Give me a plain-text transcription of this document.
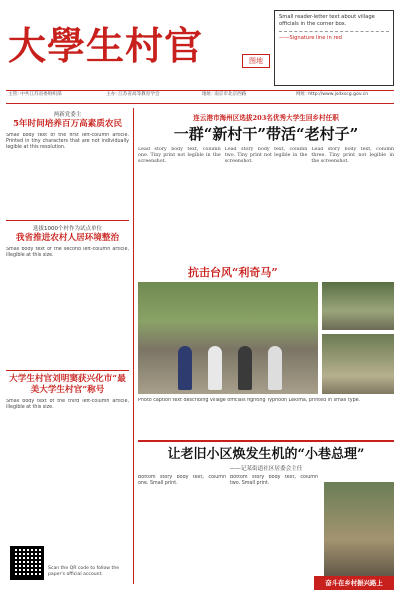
大學生村官	图地
Small reader-letter text about village officials in the corner box.
——Signature line in red
主管: 中共江苏省委组织部	主办: 江苏省高等教育学会	地址: 南京市北京西路	网址: http://www.jsdxscg.gov.cn
两新党委主
5年时间培养百万高素质农民
Small body text of the first left-column article. Printed in tiny characters that are not individually legible at this resolution.
选拔1000个村作为试点单位
我省推进农村人居环境整治
Small body text of the second left-column article, illegible at this size.
大学生村官刘明窦获兴化市“最美大学生村官”称号
Small body text of the third left-column article, illegible at this size.
Scan the QR code to follow the paper's official account.
连云港市海州区选拔203名优秀大学生回乡村任职
一群“新村干”带活“老村子”
Lead story body text, column one. Tiny print not legible in the screenshot.
Lead story body text, column two. Tiny print not legible in the screenshot.
Lead story body text, column three. Tiny print not legible in the screenshot.
抗击台风“利奇马”
Photo caption text describing village officials fighting Typhoon Lekima, printed in small type.
让老旧小区焕发生机的“小巷总理”
——记某街道社区居委会主任
Bottom story body text, column one. Small print.
Bottom story body text, column two. Small print.
奋斗在乡村振兴路上
